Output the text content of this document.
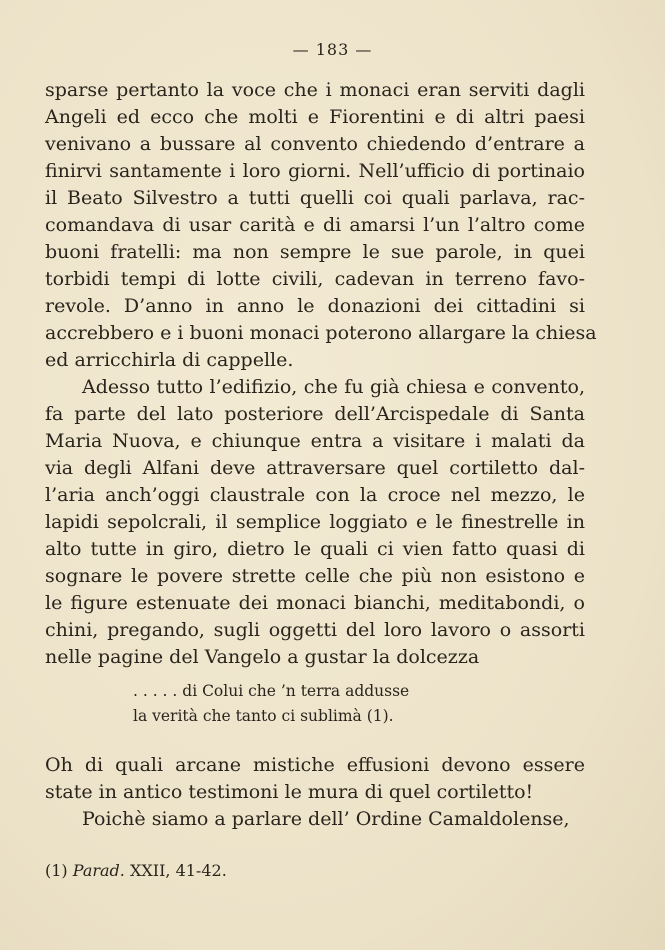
— 183 —
sparse pertanto la voce che i monaci eran serviti dagli
Angeli ed ecco che molti e Fiorentini e di altri paesi
venivano a bussare al convento chiedendo d’entrare a
finirvi santamente i loro giorni. Nell’ufficio di portinaio
il Beato Silvestro a tutti quelli coi quali parlava, rac-
comandava di usar carità e di amarsi l’un l’altro come
buoni fratelli: ma non sempre le sue parole, in quei
torbidi tempi di lotte civili, cadevan in terreno favo-
revole. D’anno in anno le donazioni dei cittadini si
accrebbero e i buoni monaci poterono allargare la chiesa
ed arricchirla di cappelle.
Adesso tutto l’edifizio, che fu già chiesa e convento,
fa parte del lato posteriore dell’Arcispedale di Santa
Maria Nuova, e chiunque entra a visitare i malati da
via degli Alfani deve attraversare quel cortiletto dal-
l’aria anch’oggi claustrale con la croce nel mezzo, le
lapidi sepolcrali, il semplice loggiato e le finestrelle in
alto tutte in giro, dietro le quali ci vien fatto quasi di
sognare le povere strette celle che più non esistono e
le figure estenuate dei monaci bianchi, meditabondi, o
chini, pregando, sugli oggetti del loro lavoro o assorti
nelle pagine del Vangelo a gustar la dolcezza
. . . . . di Colui che ’n terra addusse
la verità che tanto ci sublimà (1).
Oh di quali arcane mistiche effusioni devono essere
state in antico testimoni le mura di quel cortiletto!
Poichè siamo a parlare dell’ Ordine Camaldolense,
(1) Parad. XXII, 41-42.
